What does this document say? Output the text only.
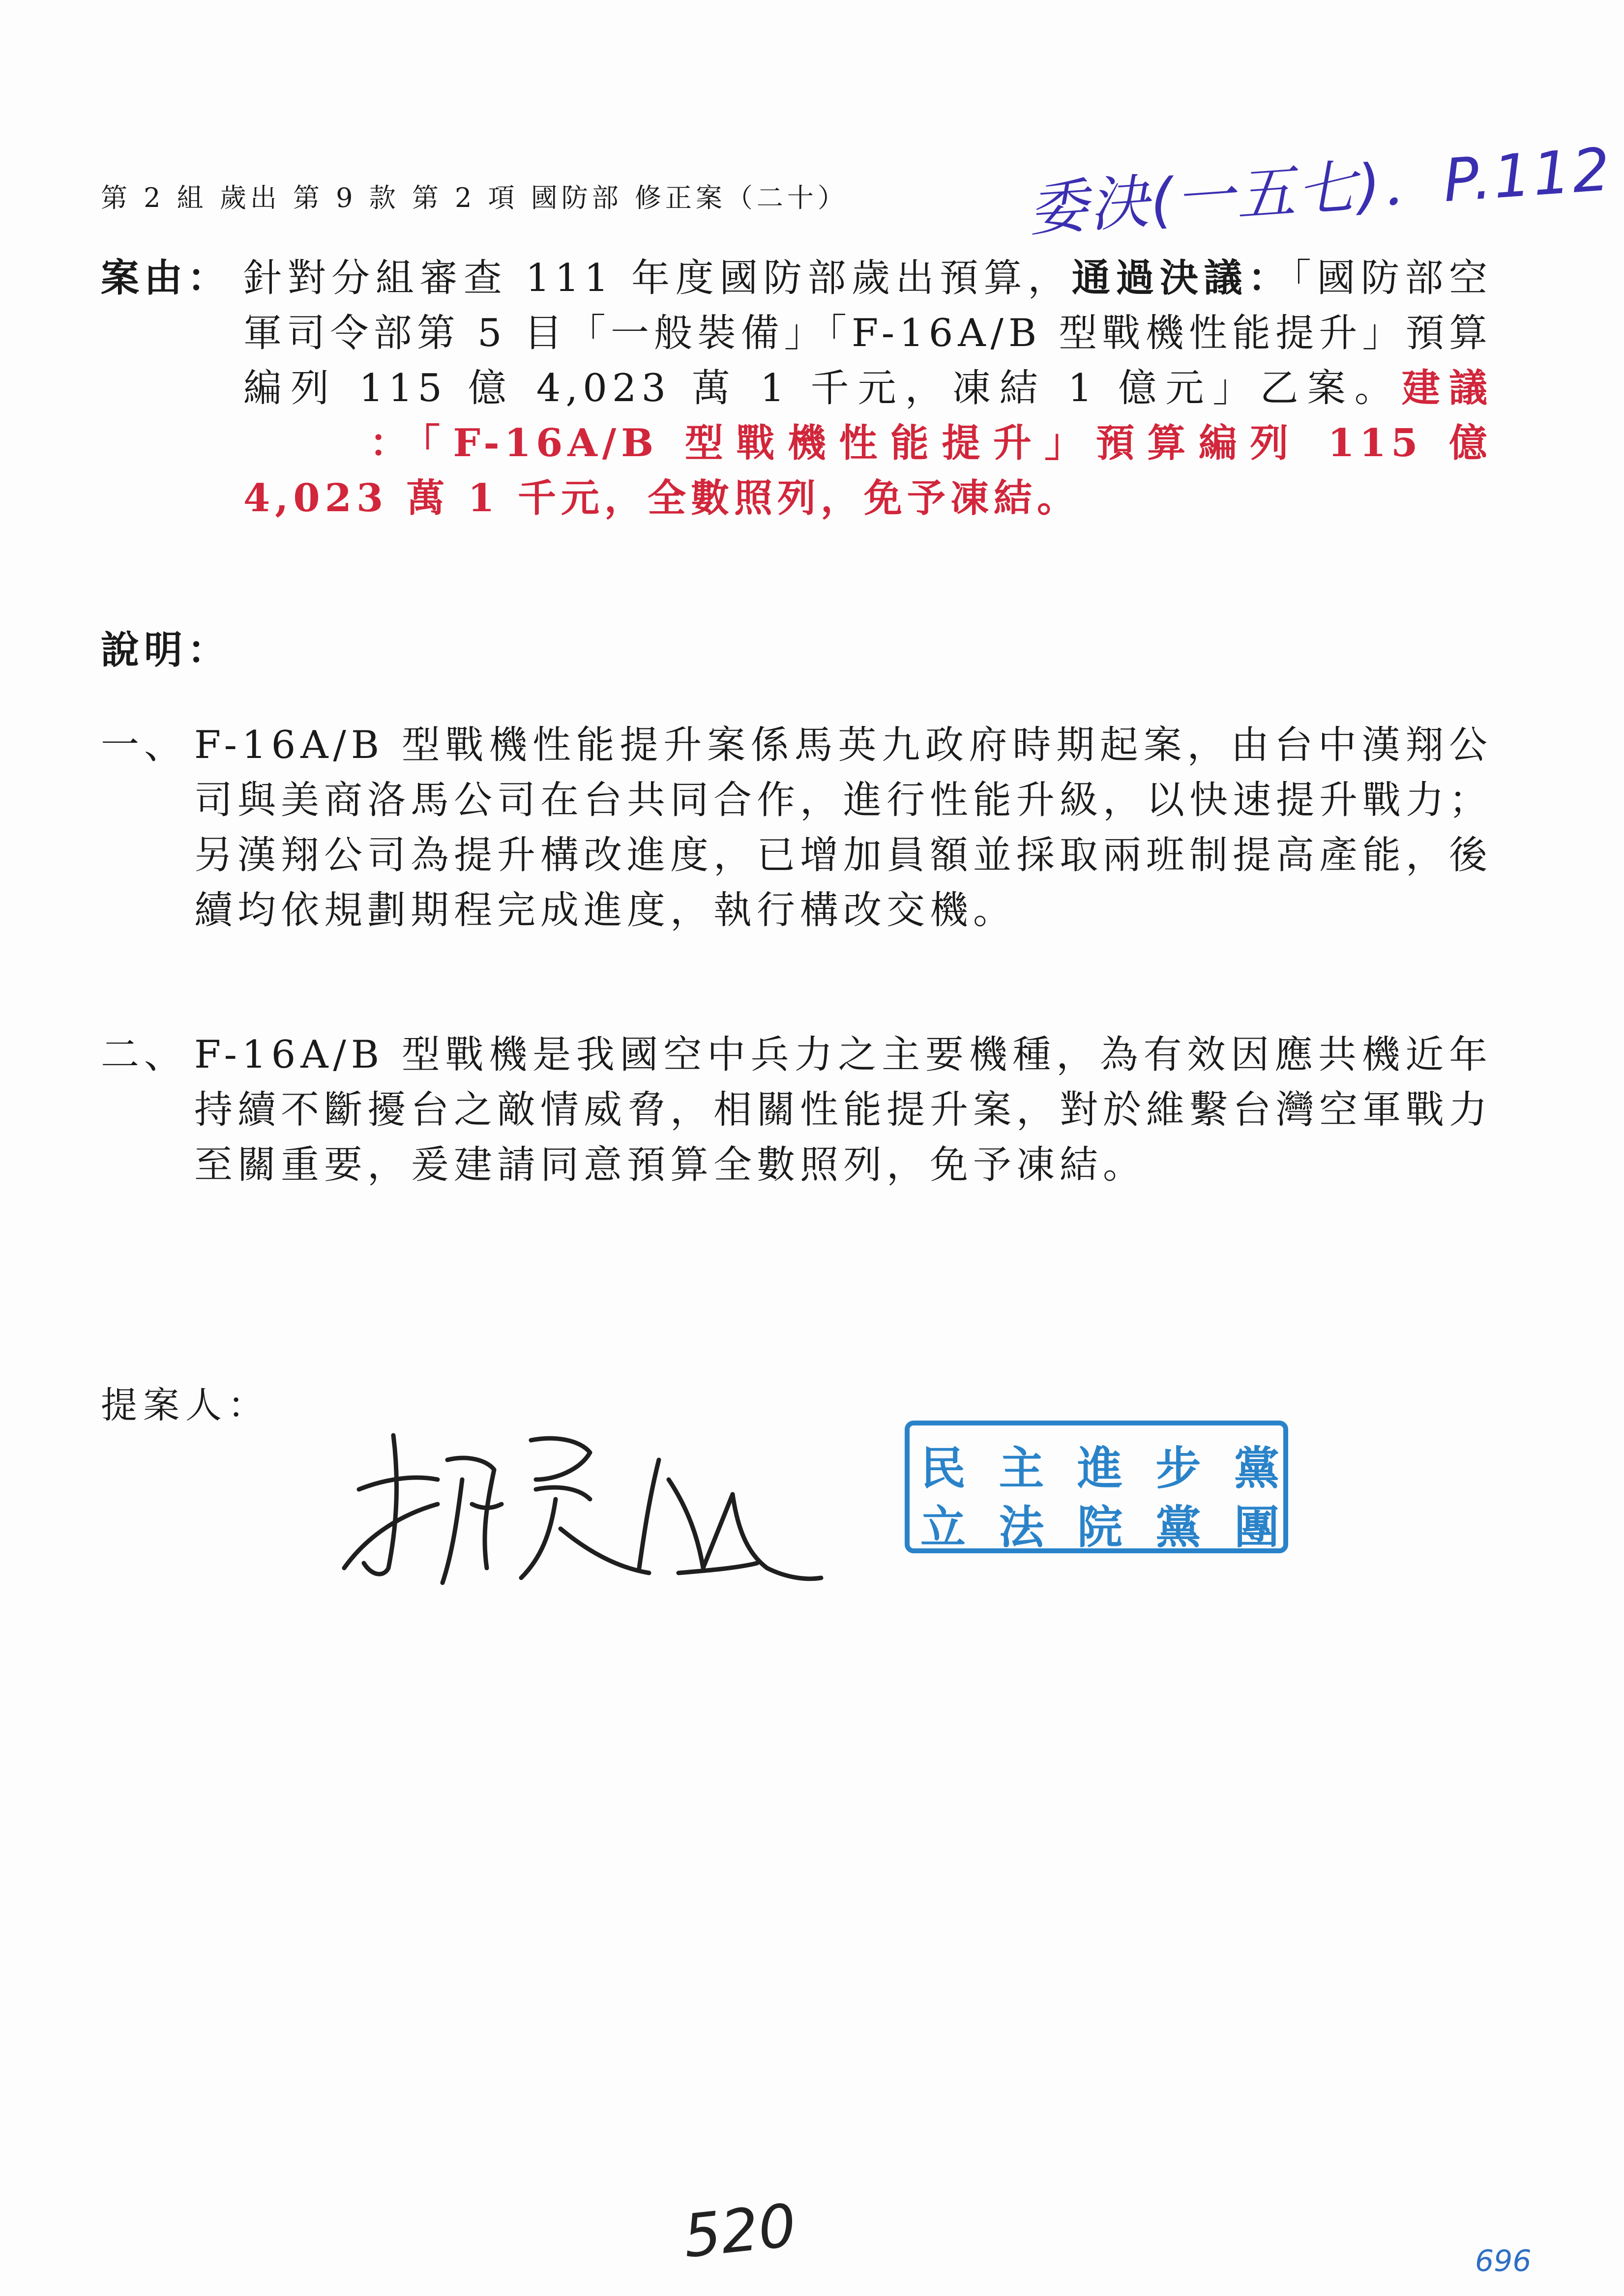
第 2 組 歲出 第 9 款 第 2 項 國防部 修正案（二十）	委決(一五七)．P.112
案由： 針對分組審查 111 年度國防部歲出預算，通過決議：「國防部空軍司令部第 5 目「一般裝備」「F-16A/B 型戰機性能提升」預算編列 115 億 4,023 萬 1 千元，凍結 1 億元」乙案。建議：「F-16A/B 型戰機性能提升」預算編列 115 億 4,023 萬 1 千元，全數照列，免予凍結。
說明：
一、 F-16A/B 型戰機性能提升案係馬英九政府時期起案，由台中漢翔公司與美商洛馬公司在台共同合作，進行性能升級，以快速提升戰力；另漢翔公司為提升構改進度，已增加員額並採取兩班制提高產能，後續均依規劃期程完成進度，執行構改交機。
二、 F-16A/B 型戰機是我國空中兵力之主要機種，為有效因應共機近年持續不斷擾台之敵情威脅，相關性能提升案，對於維繫台灣空軍戰力至關重要，爰建請同意預算全數照列，免予凍結。
提案人：
民 主 進 步 黨
立 法 院 黨 團
520	696
